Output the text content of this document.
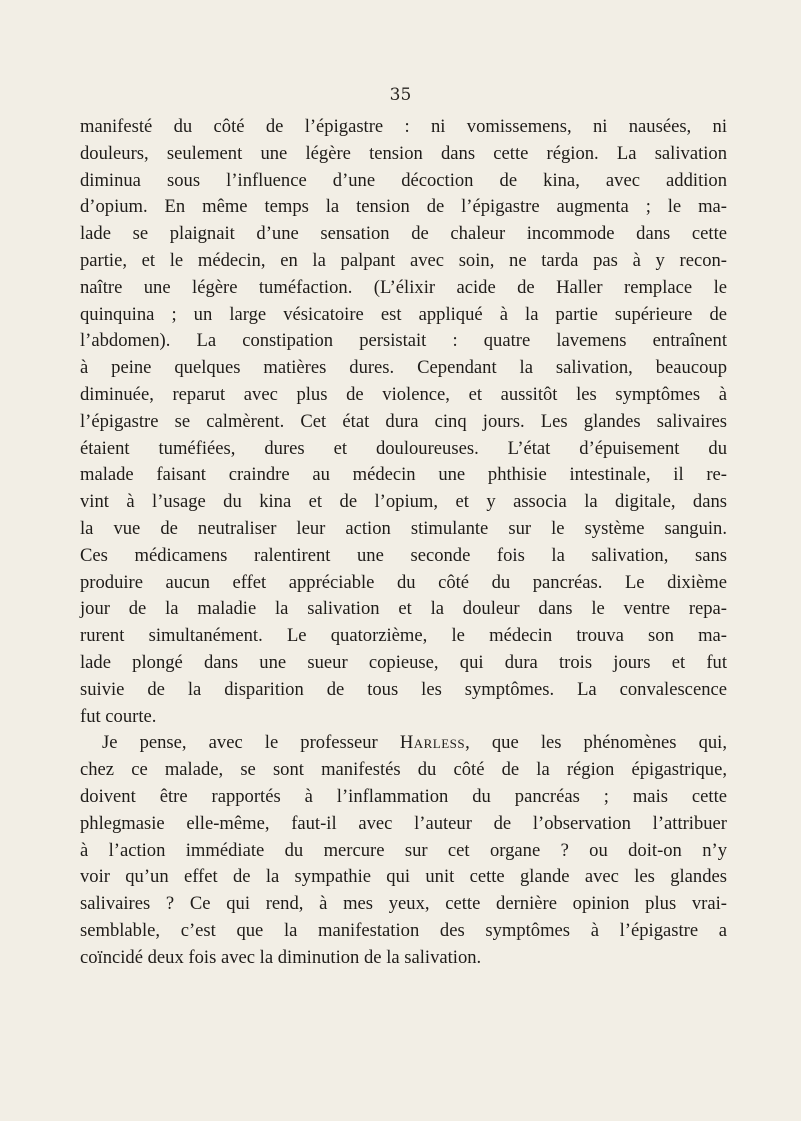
35
manifesté du côté de l’épigastre : ni vomissemens, ni nausées, ni
douleurs, seulement une légère tension dans cette région. La salivation
diminua sous l’influence d’une décoction de kina, avec addition
d’opium. En même temps la tension de l’épigastre augmenta ; le ma-
lade se plaignait d’une sensation de chaleur incommode dans cette
partie, et le médecin, en la palpant avec soin, ne tarda pas à y recon-
naître une légère tuméfaction. (L’élixir acide de Haller remplace le
quinquina ; un large vésicatoire est appliqué à la partie supérieure de
l’abdomen). La constipation persistait : quatre lavemens entraînent
à peine quelques matières dures. Cependant la salivation, beaucoup
diminuée, reparut avec plus de violence, et aussitôt les symptômes à
l’épigastre se calmèrent. Cet état dura cinq jours. Les glandes salivaires
étaient tuméfiées, dures et douloureuses. L’état d’épuisement du
malade faisant craindre au médecin une phthisie intestinale, il re-
vint à l’usage du kina et de l’opium, et y associa la digitale, dans
la vue de neutraliser leur action stimulante sur le système sanguin.
Ces médicamens ralentirent une seconde fois la salivation, sans
produire aucun effet appréciable du côté du pancréas. Le dixième
jour de la maladie la salivation et la douleur dans le ventre repa-
rurent simultanément. Le quatorzième, le médecin trouva son ma-
lade plongé dans une sueur copieuse, qui dura trois jours et fut
suivie de la disparition de tous les symptômes. La convalescence
fut courte.
Je pense, avec le professeur Harless, que les phénomènes qui,
chez ce malade, se sont manifestés du côté de la région épigastrique,
doivent être rapportés à l’inflammation du pancréas ; mais cette
phlegmasie elle-même, faut-il avec l’auteur de l’observation l’attribuer
à l’action immédiate du mercure sur cet organe ? ou doit-on n’y
voir qu’un effet de la sympathie qui unit cette glande avec les glandes
salivaires ? Ce qui rend, à mes yeux, cette dernière opinion plus vrai-
semblable, c’est que la manifestation des symptômes à l’épigastre a
coïncidé deux fois avec la diminution de la salivation.
